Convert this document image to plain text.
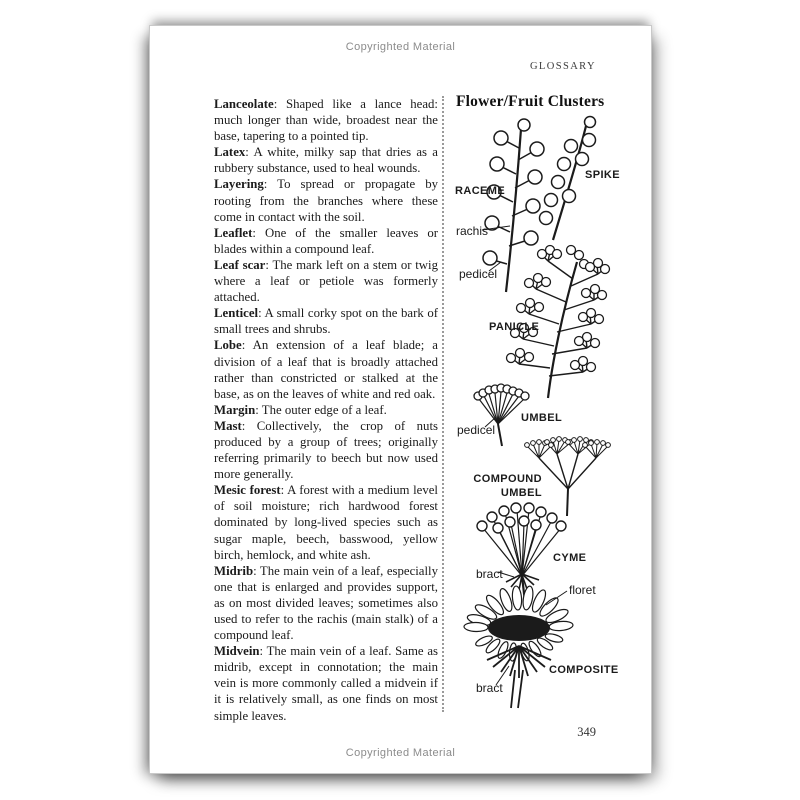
Copyrighted Material
GLOSSARY

Lanceolate : Shaped like a lance head: much longer than wide, broadest near the base, tapering to a pointed tip.

Latex : A white, milky sap that dries as a rubbery substance, used to heal wounds.

Layering : To spread or propagate by rooting from the branches where these come in contact with the soil.

Leaflet : One of the smaller leaves or blades within a compound leaf.

Leaf scar : The mark left on a stem or twig where a leaf or petiole was formerly attached.

Lenticel : A small corky spot on the bark of small trees and shrubs.

Lobe : An extension of a leaf blade; a division of a leaf that is broadly attached rather than constricted or stalked at the base, as on the leaves of white and red oak.

Margin : The outer edge of a leaf.

Mast : Collectively, the crop of nuts produced by a group of trees; originally referring primarily to beech but now used more generally.

Mesic forest : A forest with a medium level of soil moisture; rich hardwood forest dominated by long-lived species such as sugar maple, beech, basswood, yellow birch, hemlock, and white ash.

Midrib : The main vein of a leaf, especially one that is enlarged and provides support, as on most divided leaves; sometimes also used to refer to the rachis (main stalk) of a compound leaf.

Midvein : The main vein of a leaf. Same as midrib, except in connotation; the main vein is more commonly called a midvein if it is relatively small, as one finds on most simple leaves.

Flower/Fruit Clusters
RACEME
rachis
pedicel
SPIKE
PANICLE
UMBEL
pedicel
COMPOUND
UMBEL
CYME
bract
COMPOSITE
floret
bract
349
Copyrighted Material
